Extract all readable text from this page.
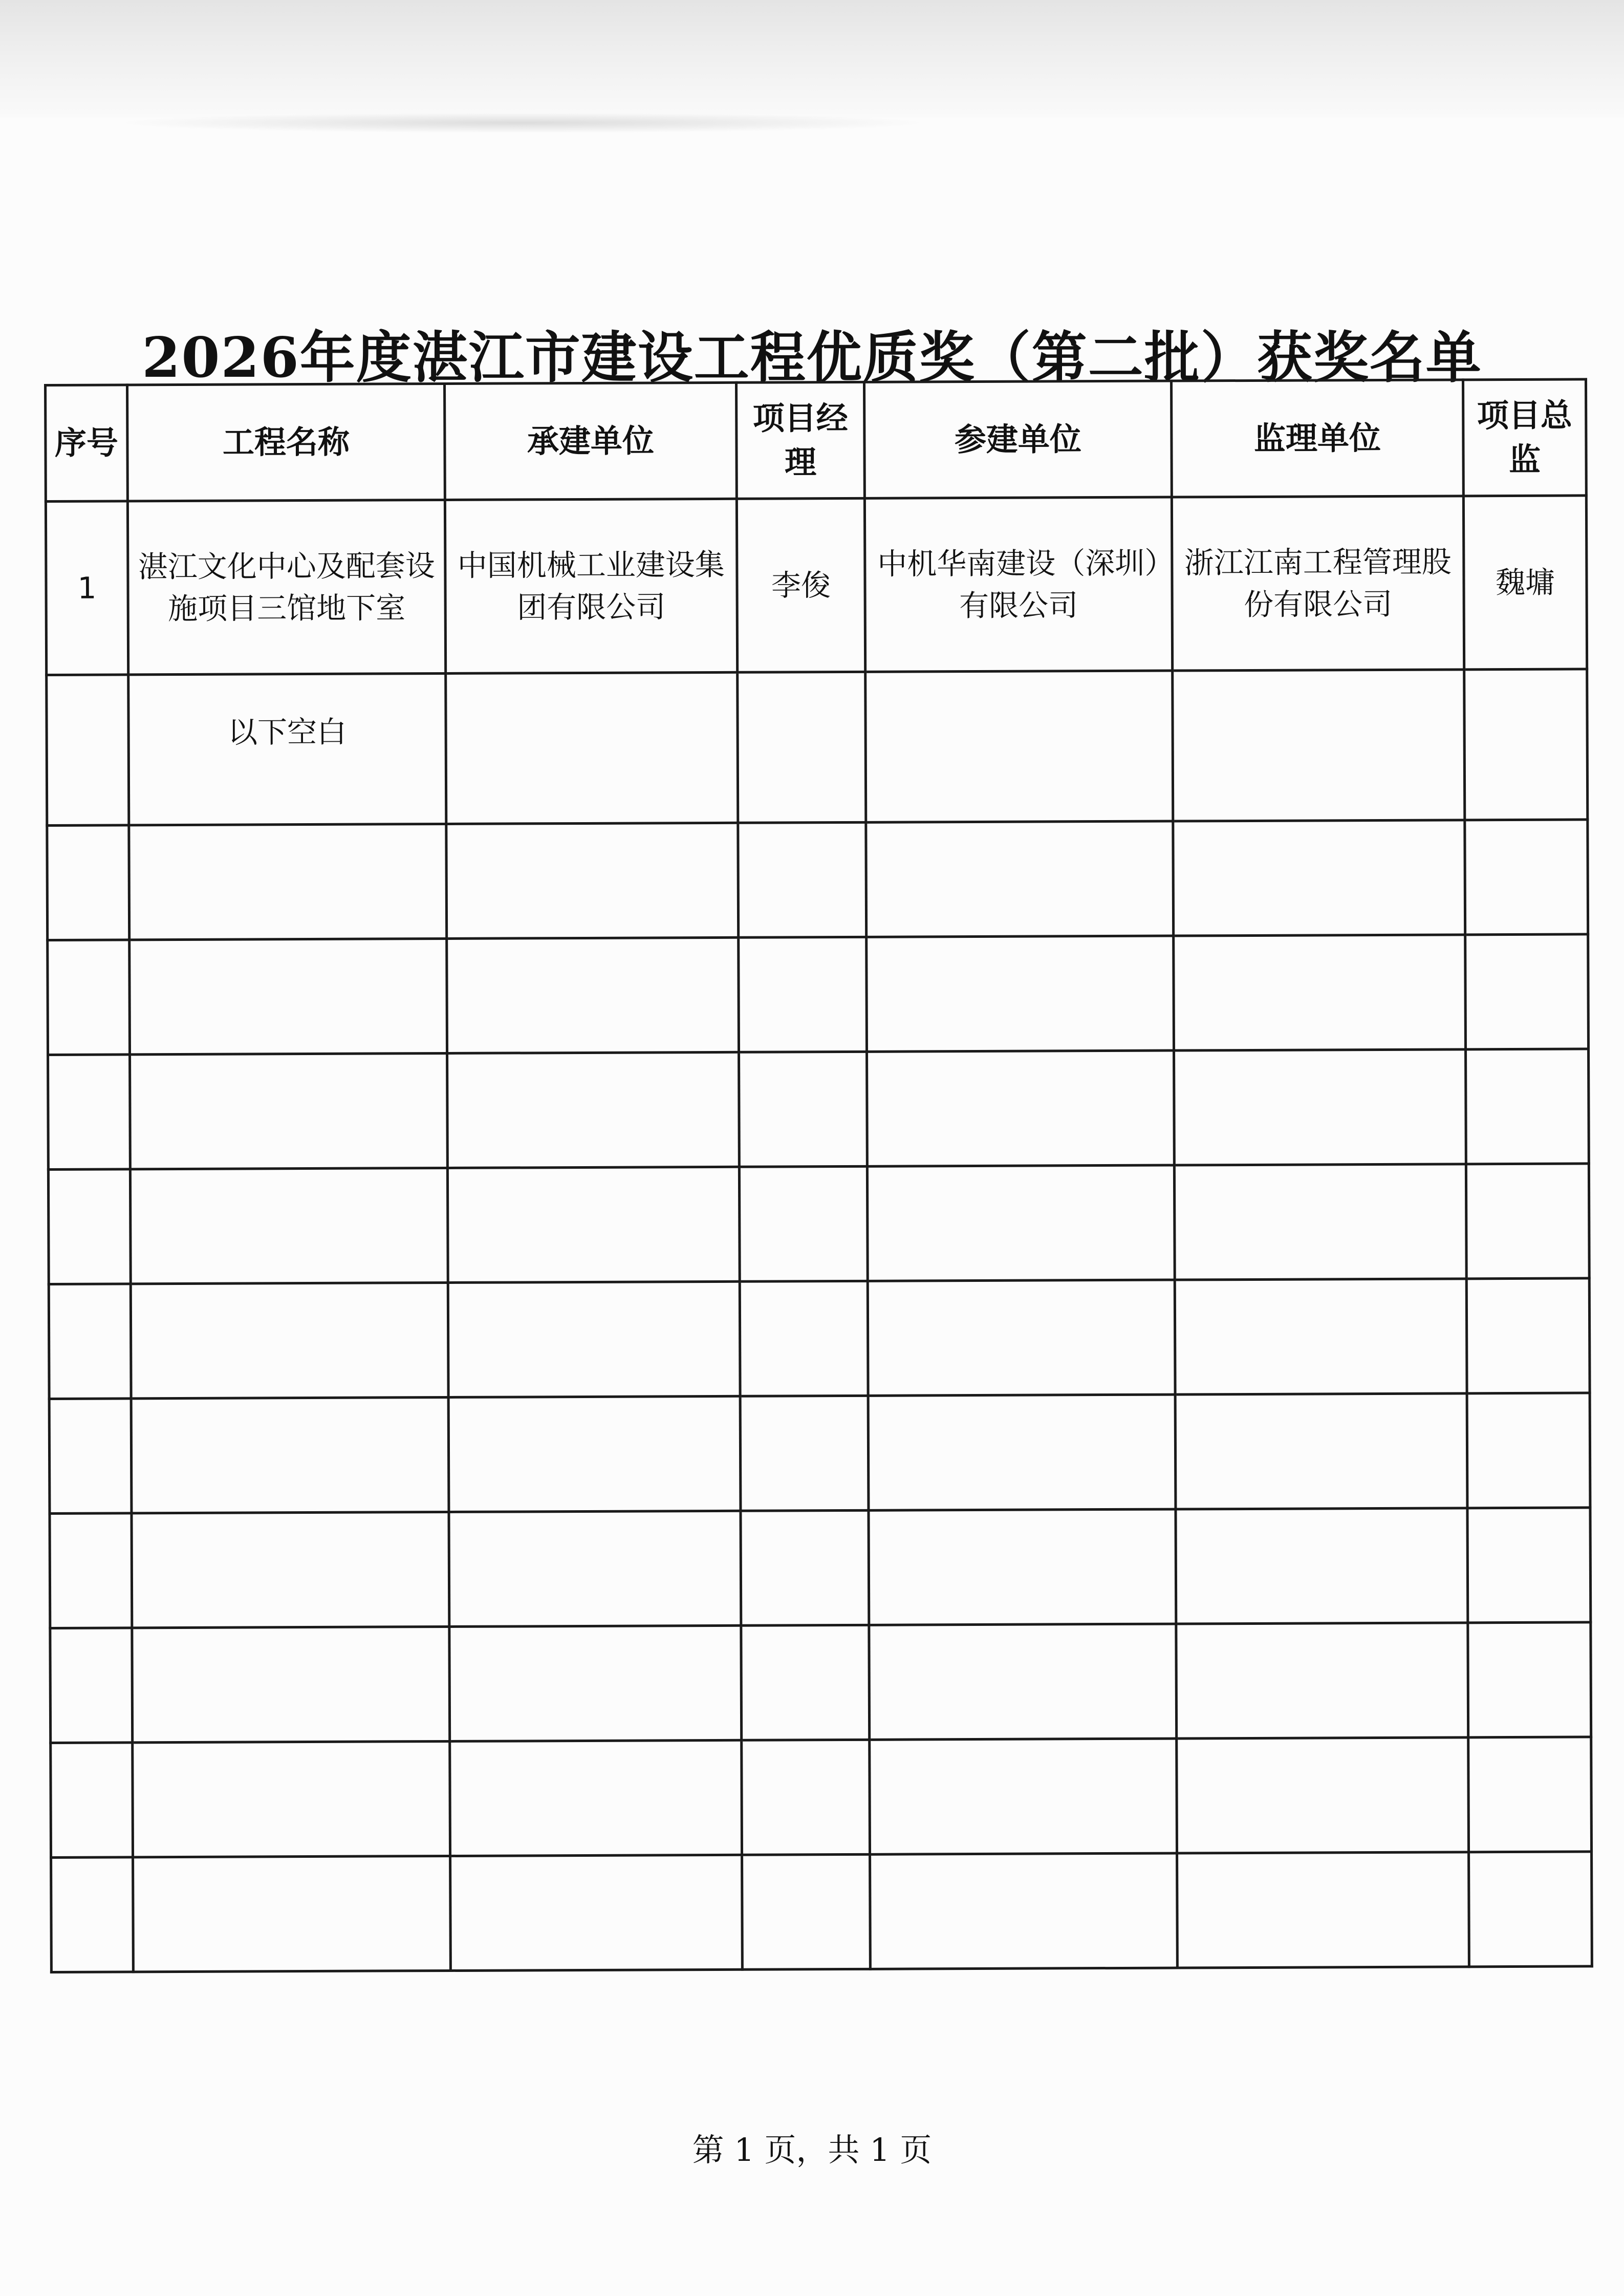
2026年度湛江市建设工程优质奖（第二批）获奖名单
序号	工程名称	承建单位	项目经理	参建单位	监理单位	项目总监
1	湛江文化中心及配套设施项目三馆地下室	中国机械工业建设集团有限公司	李俊	中机华南建设（深圳）有限公司	浙江江南工程管理股份有限公司	魏墉
	以下空白					

第 1 页，共 1 页
